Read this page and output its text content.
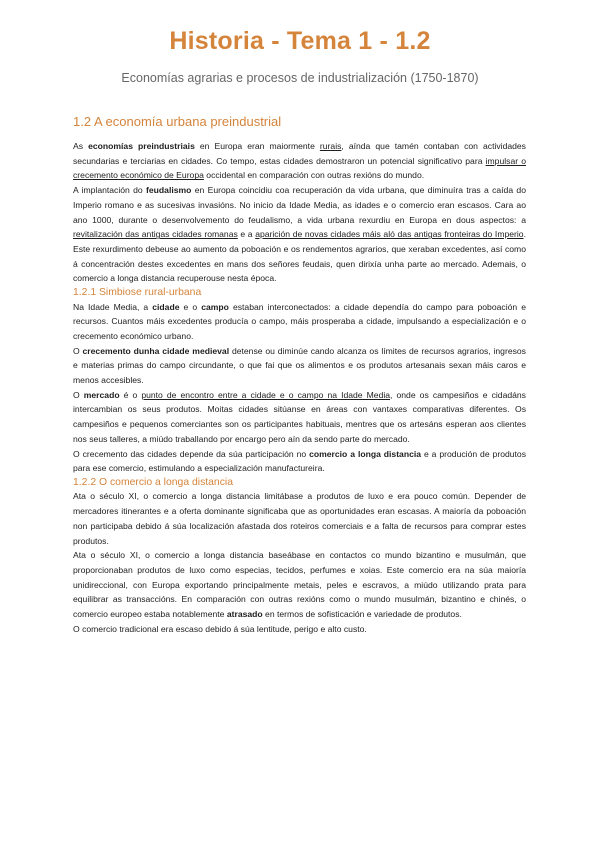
Historia - Tema 1 - 1.2
Economías agrarias e procesos de industrialización (1750-1870)
1.2 A economía urbana preindustrial

As economías preindustriais en Europa eran maiormente rurais, aínda que tamén contaban con actividades secundarias e terciarias en cidades. Co tempo, estas cidades demostraron un potencial significativo para impulsar o crecemento económico de Europa occidental en comparación con outras rexións do mundo.

A implantación do feudalismo en Europa coincidiu coa recuperación da vida urbana, que diminuíra tras a caída do Imperio romano e as sucesivas invasións. No inicio da Idade Media, as idades e o comercio eran escasos. Cara ao ano 1000, durante o desenvolvemento do feudalismo, a vida urbana rexurdiu en Europa en dous aspectos: a revitalización das antigas cidades romanas e a aparición de novas cidades máis aló das antigas fronteiras do Imperio. Este rexurdimento debeuse ao aumento da poboación e os rendementos agrarios, que xeraban excedentes, así como á concentración destes excedentes en mans dos señores feudais, quen dirixía unha parte ao mercado. Ademais, o comercio a longa distancia recuperouse nesta época.

1.2.1 Simbiose rural-urbana

Na Idade Media, a cidade e o campo estaban interconectados: a cidade dependía do campo para poboación e recursos. Cuantos máis excedentes producía o campo, máis prosperaba a cidade, impulsando a especialización e o crecemento económico urbano.

O crecemento dunha cidade medieval detense ou diminúe cando alcanza os límites de recursos agrarios, ingresos e materias primas do campo circundante, o que fai que os alimentos e os produtos artesanais sexan máis caros e menos accesibles.

O mercado é o punto de encontro entre a cidade e o campo na Idade Media, onde os campesiños e cidadáns intercambian os seus produtos. Moitas cidades sitúanse en áreas con vantaxes comparativas diferentes. Os campesiños e pequenos comerciantes son os participantes habituais, mentres que os artesáns esperan aos clientes nos seus talleres, a miúdo traballando por encargo pero aín da sendo parte do mercado.

O crecemento das cidades depende da súa participación no comercio a longa distancia e a produción de produtos para ese comercio, estimulando a especialización manufactureira.

1.2.2 O comercio a longa distancia

Ata o século XI, o comercio a longa distancia limitábase a produtos de luxo e era pouco común. Depender de mercadores itinerantes e a oferta dominante significaba que as oportunidades eran escasas. A maioría da poboación non participaba debido á súa localización afastada dos roteiros comerciais e a falta de recursos para comprar estes produtos.

Ata o século XI, o comercio a longa distancia baseábase en contactos co mundo bizantino e musulmán, que proporcionaban produtos de luxo como especias, tecidos, perfumes e xoias. Este comercio era na súa maioría unidireccional, con Europa exportando principalmente metais, peles e escravos, a miúdo utilizando prata para equilibrar as transaccións. En comparación con outras rexións como o mundo musulmán, bizantino e chinés, o comercio europeo estaba notablemente atrasado en termos de sofisticación e variedade de produtos.

O comercio tradicional era escaso debido á súa lentitude, perigo e alto custo.
